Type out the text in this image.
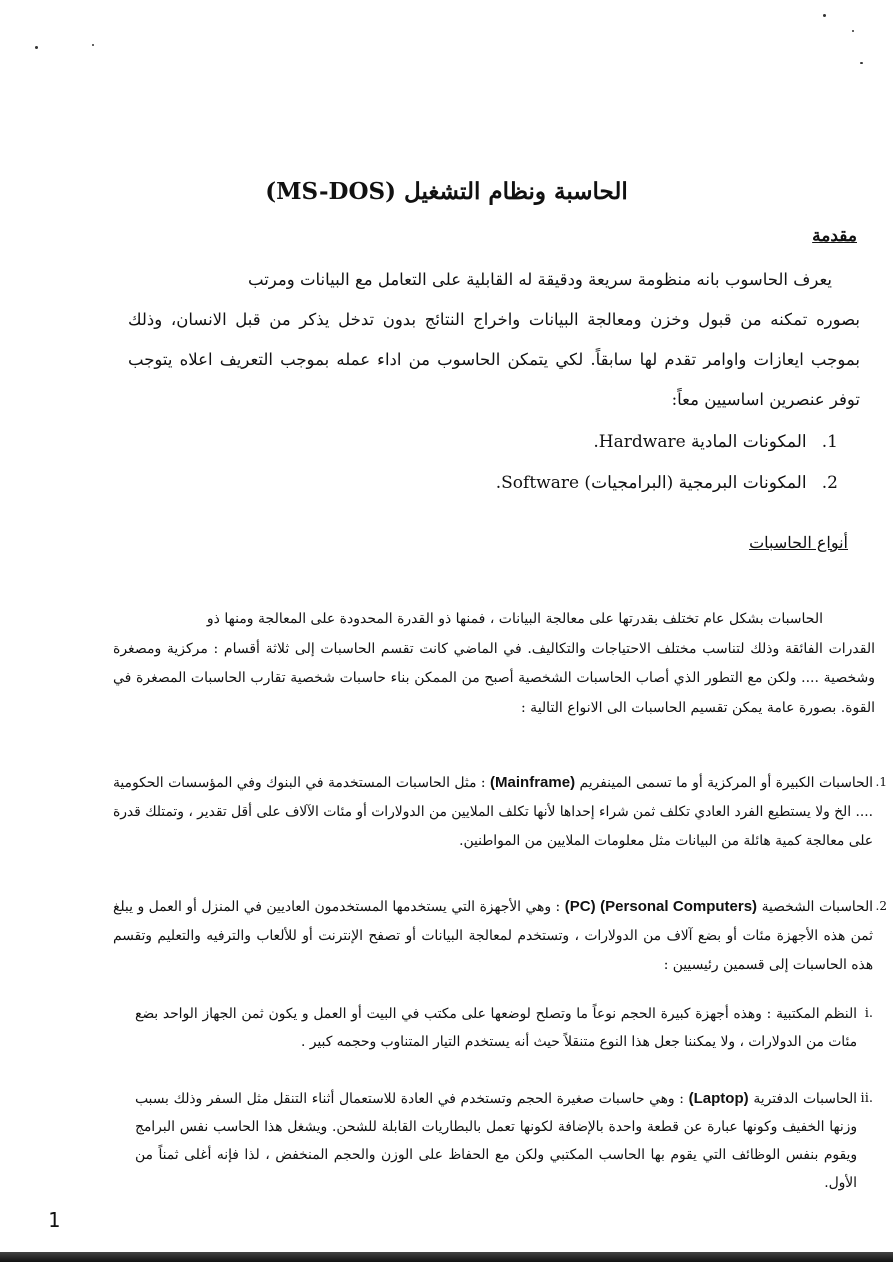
الحاسبة ونظام التشغيل (MS-DOS)
مقدمة
يعرف الحاسوب بانه منظومة سريعة ودقيقة له القابلية على التعامل مع البيانات ومرتب
بصوره تمكنه من قبول وخزن ومعالجة البيانات واخراج النتائج بدون تدخل يذكر من قبل الانسان، وذلك بموجب ايعازات واوامر تقدم لها سابقاً. لكي يتمكن الحاسوب من اداء عمله بموجب التعريف اعلاه يتوجب توفر عنصرين اساسيين معاً:
1. المكونات المادية Hardware.
2. المكونات البرمجية (البرامجيات) Software.
أنواع الحاسبات
الحاسبات بشكل عام تختلف بقدرتها على معالجة البيانات ، فمنها ذو القدرة المحدودة على المعالجة ومنها ذو
القدرات الفائقة وذلك لتناسب مختلف الاحتياجات والتكاليف. في الماضي كانت تقسم الحاسبات إلى ثلاثة أقسام : مركزية ومصغرة وشخصية .... ولكن مع التطور الذي أصاب الحاسبات الشخصية أصبح من الممكن بناء حاسبات شخصية تقارب الحاسبات المصغرة في القوة. بصورة عامة يمكن تقسيم الحاسبات الى الانواع التالية :
1.
الحاسبات الكبيرة أو المركزية أو ما تسمى المينفريم (Mainframe) : مثل الحاسبات المستخدمة في البنوك وفي المؤسسات الحكومية .... الخ ولا يستطيع الفرد العادي تكلف ثمن شراء إحداها لأنها تكلف الملايين من الدولارات أو مئات الآلاف على أقل تقدير ، وتمتلك قدرة على معالجة كمية هائلة من البيانات مثل معلومات الملايين من المواطنين.
2.
الحاسبات الشخصية (Personal Computers) (PC) : وهي الأجهزة التي يستخدمها المستخدمون العاديين في المنزل أو العمل و يبلغ ثمن هذه الأجهزة مئات أو بضع آلاف من الدولارات ، وتستخدم لمعالجة البيانات أو تصفح الإنترنت أو للألعاب والترفيه والتعليم وتقسم هذه الحاسبات إلى قسمين رئيسيين :
i.
النظم المكتبية : وهذه أجهزة كبيرة الحجم نوعاً ما وتصلح لوضعها على مكتب في البيت أو العمل و يكون ثمن الجهاز الواحد بضع مئات من الدولارات ، ولا يمكننا جعل هذا النوع متنقلاً حيث أنه يستخدم التيار المتناوب وحجمه كبير .
ii.
الحاسبات الدفترية (Laptop) : وهي حاسبات صغيرة الحجم وتستخدم في العادة للاستعمال أثناء التنقل مثل السفر وذلك بسبب وزنها الخفيف وكونها عبارة عن قطعة واحدة بالإضافة لكونها تعمل بالبطاريات القابلة للشحن. ويشغل هذا الحاسب نفس البرامج ويقوم بنفس الوظائف التي يقوم بها الحاسب المكتبي ولكن مع الحفاظ على الوزن والحجم المنخفض ، لذا فإنه أغلى ثمناً من الأول.
1
